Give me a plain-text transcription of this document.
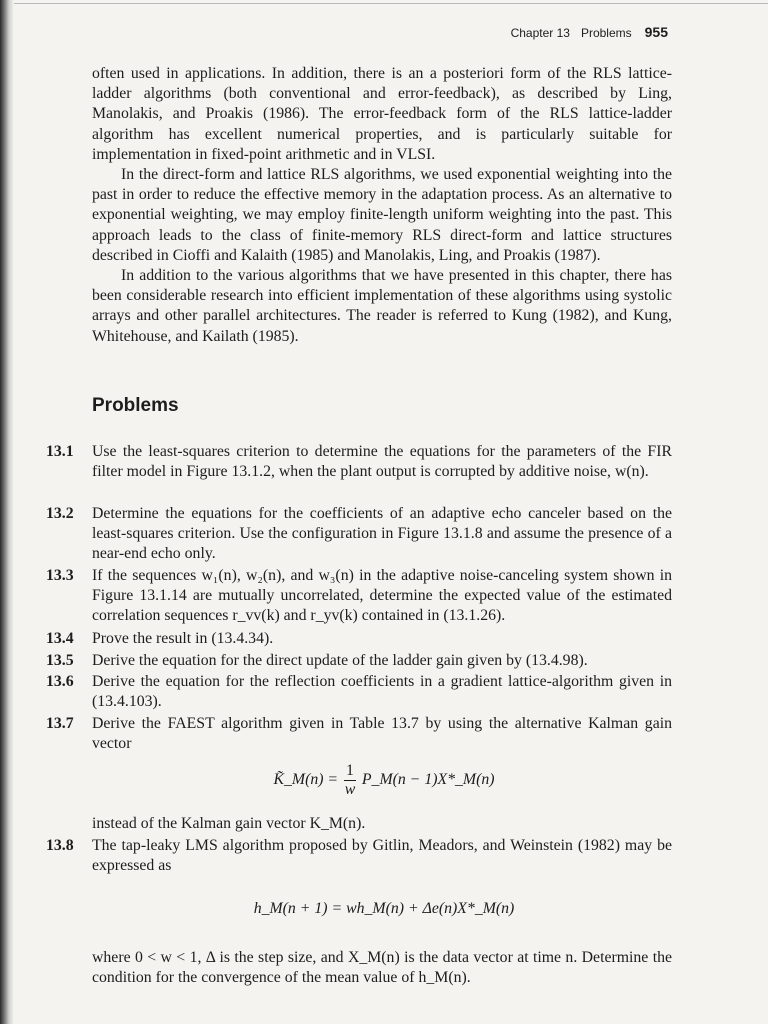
Chapter 13 Problems 955

often used in applications. In addition, there is an a posteriori form of the RLS lattice-ladder algorithms (both conventional and error-feedback), as described by Ling, Manolakis, and Proakis (1986). The error-feedback form of the RLS lattice-ladder algorithm has excellent numerical properties, and is particularly suitable for implementation in fixed-point arithmetic and in VLSI.

In the direct-form and lattice RLS algorithms, we used exponential weighting into the past in order to reduce the effective memory in the adaptation process. As an alternative to exponential weighting, we may employ finite-length uniform weighting into the past. This approach leads to the class of finite-memory RLS direct-form and lattice structures described in Cioffi and Kalaith (1985) and Manolakis, Ling, and Proakis (1987).

In addition to the various algorithms that we have presented in this chapter, there has been considerable research into efficient implementation of these algorithms using systolic arrays and other parallel architectures. The reader is referred to Kung (1982), and Kung, Whitehouse, and Kailath (1985).

Problems
13.1 Use the least-squares criterion to determine the equations for the parameters of the FIR filter model in Figure 13.1.2, when the plant output is corrupted by additive noise, w(n).
13.2 Determine the equations for the coefficients of an adaptive echo canceler based on the least-squares criterion. Use the configuration in Figure 13.1.8 and assume the presence of a near-end echo only.
13.3 If the sequences w₁(n), w₂(n), and w₃(n) in the adaptive noise-canceling system shown in Figure 13.1.14 are mutually uncorrelated, determine the expected value of the estimated correlation sequences r_vv(k) and r_yv(k) contained in (13.1.26).
13.4 Prove the result in (13.4.34).
13.5 Derive the equation for the direct update of the ladder gain given by (13.4.98).
13.6 Derive the equation for the reflection coefficients in a gradient lattice-algorithm given in (13.4.103).
13.7 Derive the FAEST algorithm given in Table 13.7 by using the alternative Kalman gain vector
K̃_M(n) = $\frac{1}{w}$ P_M(n − 1)X*_M(n)
instead of the Kalman gain vector K_M(n).
13.8 The tap-leaky LMS algorithm proposed by Gitlin, Meadors, and Weinstein (1982) may be expressed as
h_M(n + 1) = wh_M(n) + Δe(n)X*_M(n)
where 0 < w < 1, Δ is the step size, and X_M(n) is the data vector at time n. Determine the condition for the convergence of the mean value of h_M(n).
